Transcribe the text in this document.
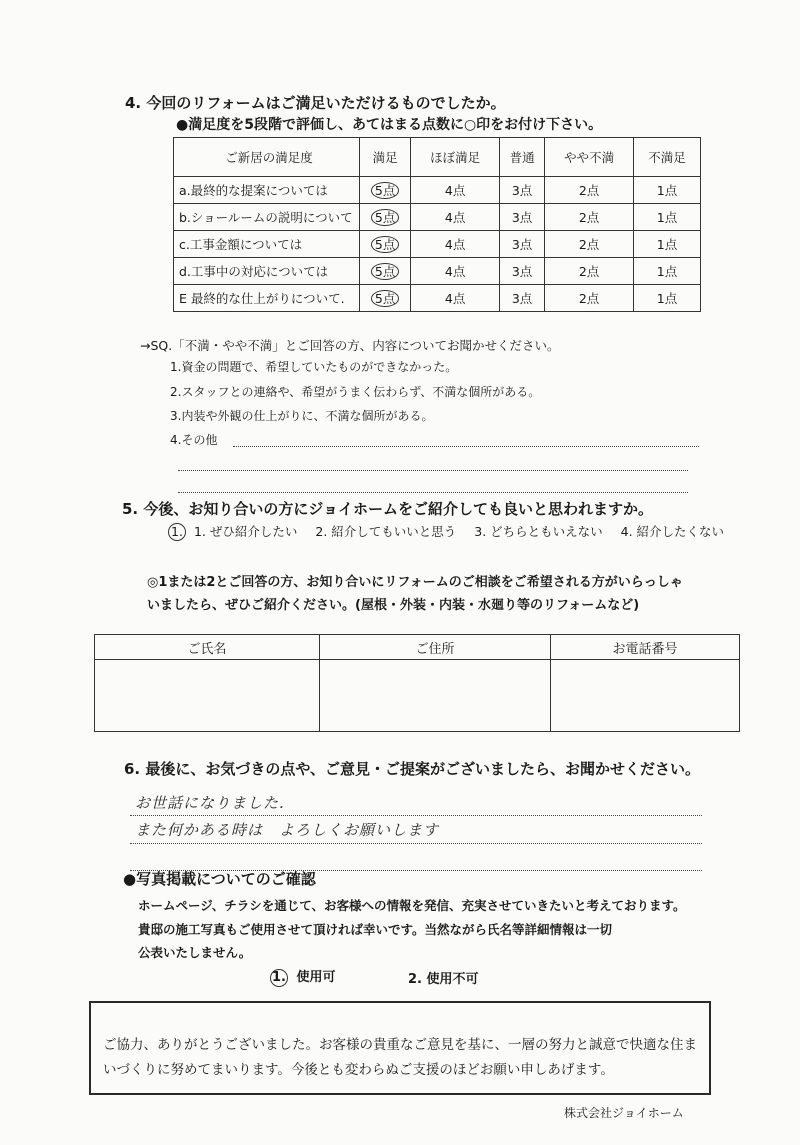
4. 今回のリフォームはご満足いただけるものでしたか。
●満足度を5段階で評価し、あてはまる点数に○印をお付け下さい。
ご新居の満足度	満足	ほぼ満足	普通	やや不満	不満足
a.最終的な提案については	5点	4点	3点	2点	1点
b.ショールームの説明について	5点	4点	3点	2点	1点
c.工事金額については	5点	4点	3点	2点	1点
d.工事中の対応については	5点	4点	3点	2点	1点
E 最終的な仕上がりについて.	5点	4点	3点	2点	1点
→SQ.「不満・やや不満」とご回答の方、内容についてお聞かせください。
1.資金の問題で、希望していたものができなかった。
2.スタッフとの連絡や、希望がうまく伝わらず、不満な個所がある。
3.内装や外観の仕上がりに、不満な個所がある。
4.その他
5. 今後、お知り合いの方にジョイホームをご紹介しても良いと思われますか。
1. 1. ぜひ紹介したい 2. 紹介してもいいと思う 3. どちらともいえない 4. 紹介したくない
◎1または2とご回答の方、お知り合いにリフォームのご相談をご希望される方がいらっしゃ
いましたら、ぜひご紹介ください。(屋根・外装・内装・水廻り等のリフォームなど)
ご氏名	ご住所	お電話番号

6. 最後に、お気づきの点や、ご意見・ご提案がございましたら、お聞かせください。
お世話になりました.
また何かある時は　よろしくお願いします
●写真掲載についてのご確認
ホームページ、チラシを通じて、お客様への情報を発信、充実させていきたいと考えております。
貴邸の施工写真もご使用させて頂ければ幸いです。当然ながら氏名等詳細情報は一切
公表いたしません。
1. 使用可	2. 使用不可
ご協力、ありがとうございました。お客様の貴重なご意見を基に、一層の努力と誠意で快適な住まいづくりに努めてまいります。今後とも変わらぬご支援のほどお願い申しあげます。
株式会社ジョイホーム
